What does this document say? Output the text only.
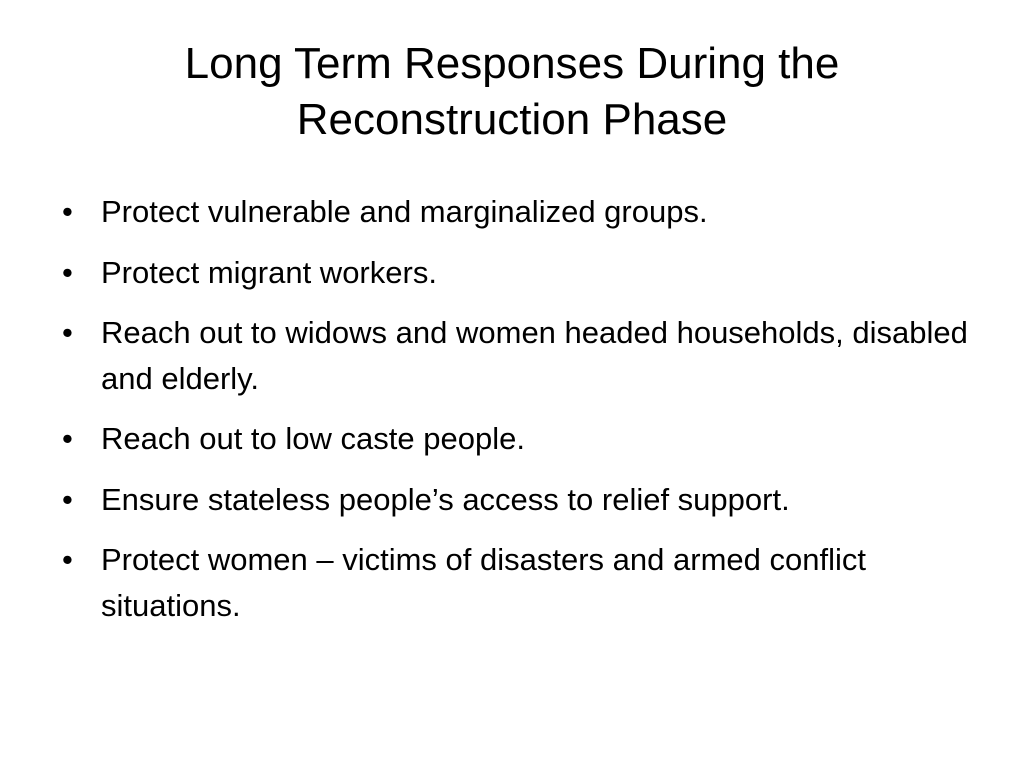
Long Term Responses During the
Reconstruction Phase
• Protect vulnerable and marginalized groups.
• Protect migrant workers.
• Reach out to widows and women headed households, disabled and elderly.
• Reach out to low caste people.
• Ensure stateless people’s access to relief support.
• Protect women – victims of disasters and armed conflict situations.
